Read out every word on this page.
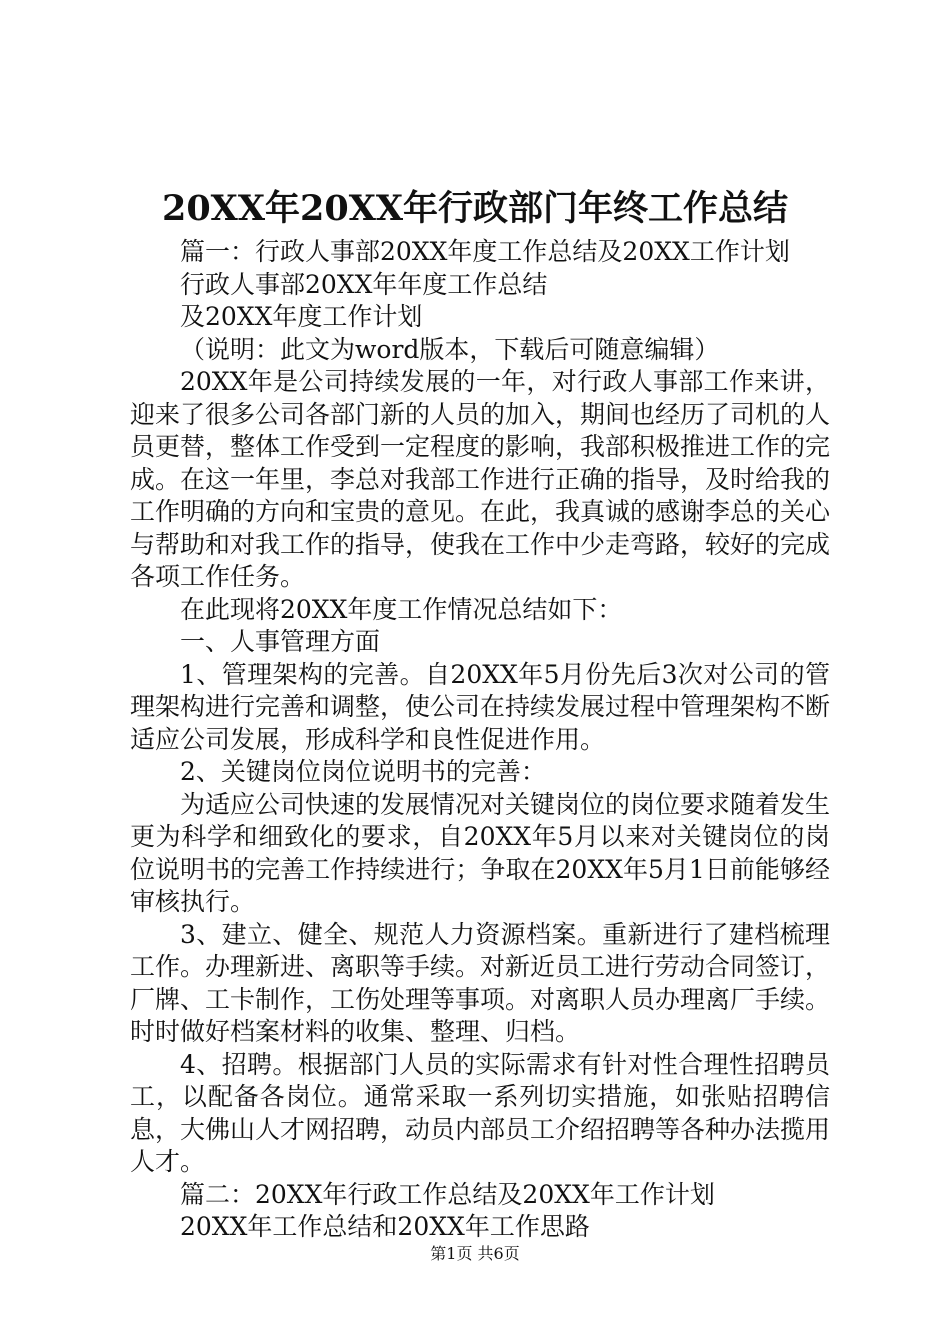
20XX年20XX年行政部门年终工作总结

篇一：行政人事部20XX年度工作总结及20XX工作计划

行政人事部20XX年年度工作总结

及20XX年度工作计划

（说明：此文为word版本，下载后可随意编辑）

20XX年是公司持续发展的一年，对行政人事部工作来讲，迎来了很多公司各部门新的人员的加入，期间也经历了司机的人员更替，整体工作受到一定程度的影响，我部积极推进工作的完成。在这一年里，李总对我部工作进行正确的指导，及时给我的工作明确的方向和宝贵的意见。在此，我真诚的感谢李总的关心与帮助和对我工作的指导，使我在工作中少走弯路，较好的完成各项工作任务。

在此现将20XX年度工作情况总结如下：

一、人事管理方面

1、管理架构的完善。自20XX年5月份先后3次对公司的管理架构进行完善和调整，使公司在持续发展过程中管理架构不断适应公司发展，形成科学和良性促进作用。

2、关键岗位岗位说明书的完善：

为适应公司快速的发展情况对关键岗位的岗位要求随着发生更为科学和细致化的要求，自20XX年5月以来对关键岗位的岗位说明书的完善工作持续进行；争取在20XX年5月1日前能够经审核执行。

3、建立、健全、规范人力资源档案。重新进行了建档梳理工作。办理新进、离职等手续。对新近员工进行劳动合同签订，厂牌、工卡制作，工伤处理等事项。对离职人员办理离厂手续。时时做好档案材料的收集、整理、归档。

4、招聘。根据部门人员的实际需求有针对性合理性招聘员工，以配备各岗位。通常采取一系列切实措施，如张贴招聘信息，大佛山人才网招聘，动员内部员工介绍招聘等各种办法揽用人才。

篇二：20XX年行政工作总结及20XX年工作计划

20XX年工作总结和20XX年工作思路

第1页 共6页
